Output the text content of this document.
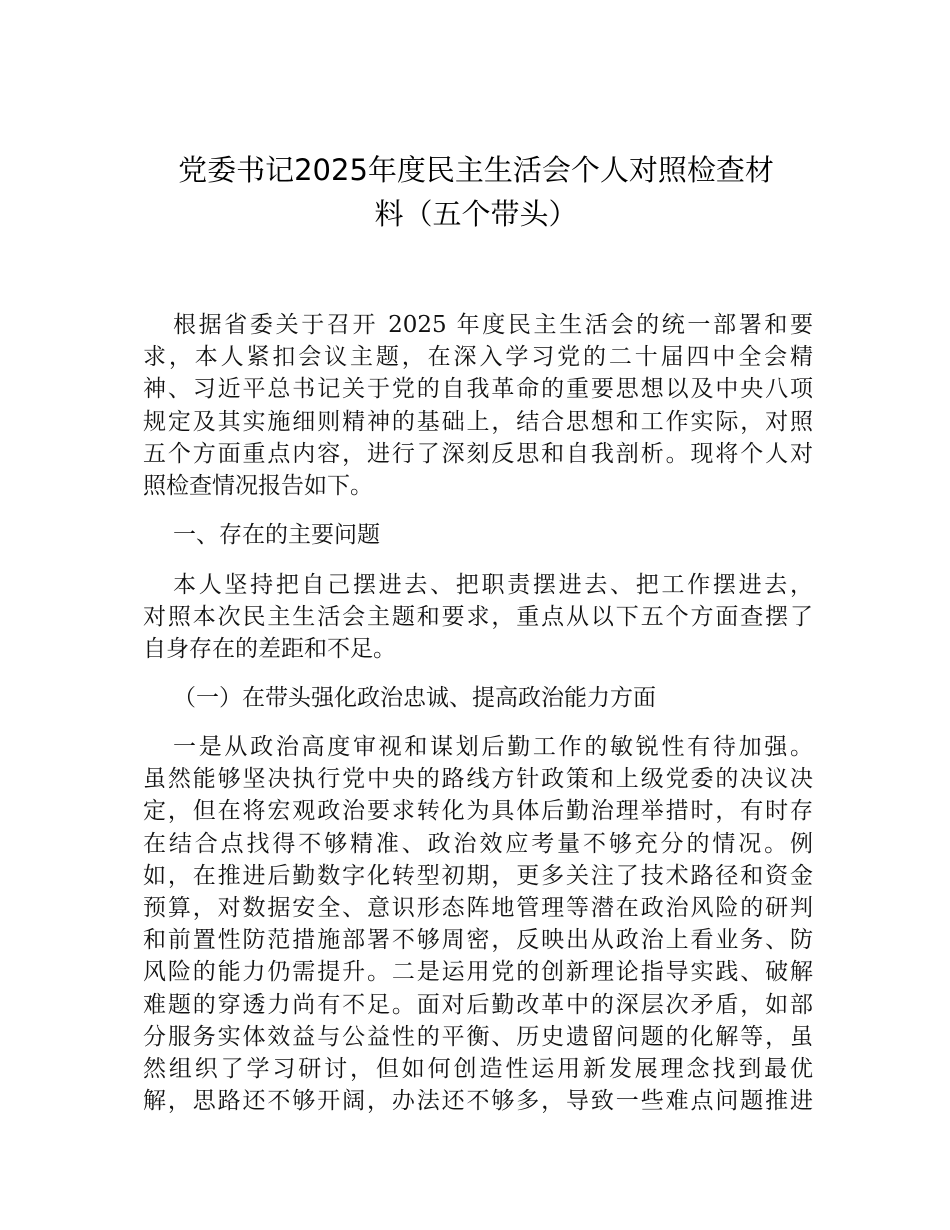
党委书记2025年度民主生活会个人对照检查材
料（五个带头）
根据省委关于召开 2025 年度民主生活会的统一部署和要
求，本人紧扣会议主题，在深入学习党的二十届四中全会精
神、习近平总书记关于党的自我革命的重要思想以及中央八项
规定及其实施细则精神的基础上，结合思想和工作实际，对照
五个方面重点内容，进行了深刻反思和自我剖析。现将个人对
照检查情况报告如下。
一、存在的主要问题
本人坚持把自己摆进去、把职责摆进去、把工作摆进去，
对照本次民主生活会主题和要求，重点从以下五个方面查摆了
自身存在的差距和不足。
（一）在带头强化政治忠诚、提高政治能力方面
一是从政治高度审视和谋划后勤工作的敏锐性有待加强。
虽然能够坚决执行党中央的路线方针政策和上级党委的决议决
定，但在将宏观政治要求转化为具体后勤治理举措时，有时存
在结合点找得不够精准、政治效应考量不够充分的情况。例
如，在推进后勤数字化转型初期，更多关注了技术路径和资金
预算，对数据安全、意识形态阵地管理等潜在政治风险的研判
和前置性防范措施部署不够周密，反映出从政治上看业务、防
风险的能力仍需提升。二是运用党的创新理论指导实践、破解
难题的穿透力尚有不足。面对后勤改革中的深层次矛盾，如部
分服务实体效益与公益性的平衡、历史遗留问题的化解等，虽
然组织了学习研讨，但如何创造性运用新发展理念找到最优
解，思路还不够开阔，办法还不够多，导致一些难点问题推进
